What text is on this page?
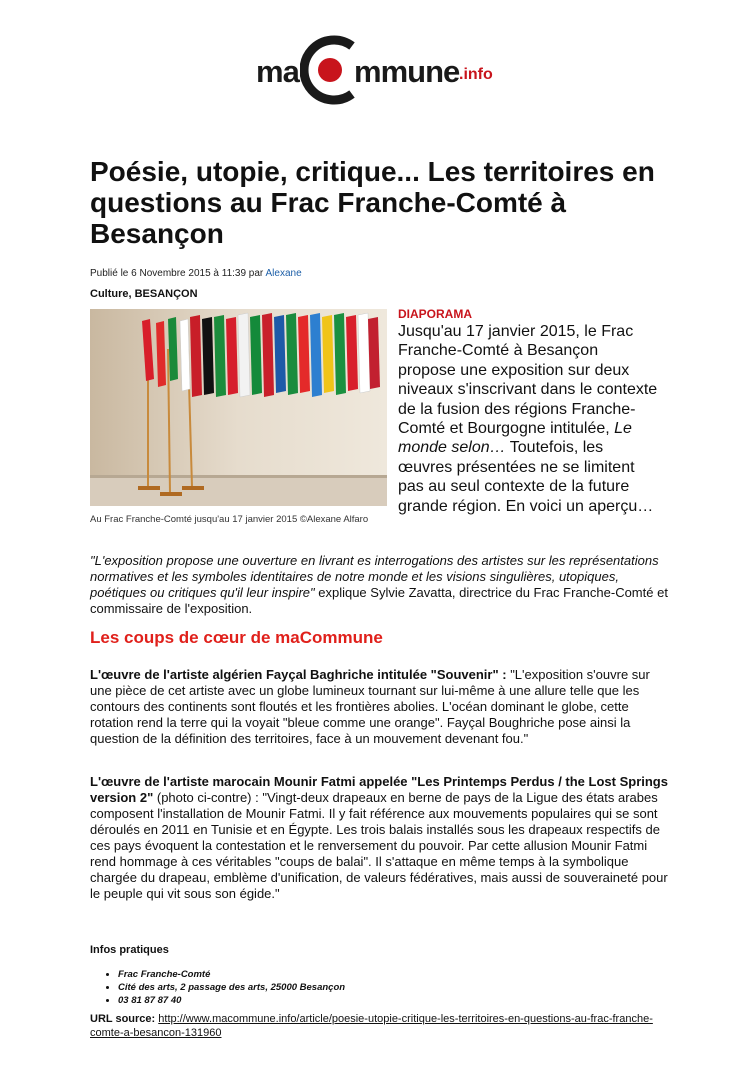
ma mmune .info
Poésie, utopie, critique... Les territoires en questions au Frac Franche-Comté à Besançon
Publié le 6 Novembre 2015 à 11:39 par Alexane
Culture, BESANÇON
Au Frac Franche-Comté jusqu'au 17 janvier 2015 ©Alexane Alfaro
DIAPORAMA

Jusqu'au 17 janvier 2015, le Frac Franche-Comté à Besançon propose une exposition sur deux niveaux s'inscrivant dans le contexte de la fusion des régions Franche-Comté et Bourgogne intitulée, Le monde selon… Toutefois, les œuvres présentées ne se limitent pas au seul contexte de la future grande région. En voici un aperçu…

"L'exposition propose une ouverture en livrant es interrogations des artistes sur les représentations normatives et les symboles identitaires de notre monde et les visions singulières, utopiques, poétiques ou critiques qu'il leur inspire" explique Sylvie Zavatta, directrice du Frac Franche-Comté et commissaire de l'exposition.

Les coups de cœur de maCommune

L'œuvre de l'artiste algérien Fayçal Baghriche intitulée "Souvenir" : "L'exposition s'ouvre sur une pièce de cet artiste avec un globe lumineux tournant sur lui-même à une allure telle que les contours des continents sont floutés et les frontières abolies. L'océan dominant le globe, cette rotation rend la terre qui la voyait "bleue comme une orange". Fayçal Boughriche pose ainsi la question de la définition des territoires, face à un mouvement devenant fou."

L'œuvre de l'artiste marocain Mounir Fatmi appelée "Les Printemps Perdus / the Lost Springs version 2" (photo ci-contre) : "Vingt-deux drapeaux en berne de pays de la Ligue des états arabes composent l'installation de Mounir Fatmi. Il y fait référence aux mouvements populaires qui se sont déroulés en 2011 en Tunisie et en Égypte. Les trois balais installés sous les drapeaux respectifs de ces pays évoquent la contestation et le renversement du pouvoir. Par cette allusion Mounir Fatmi rend hommage à ces véritables "coups de balai". Il s'attaque en même temps à la symbolique chargée du drapeau, emblème d'unification, de valeurs fédératives, mais aussi de souveraineté pour le peuple qui vit sous son égide."

Infos pratiques
• Frac Franche-Comté
• Cité des arts, 2 passage des arts, 25000 Besançon
• 03 81 87 87 40
URL source: http://www.macommune.info/article/poesie-utopie-critique-les-territoires-en-questions-au-frac-franche-comte-a-besancon-131960
